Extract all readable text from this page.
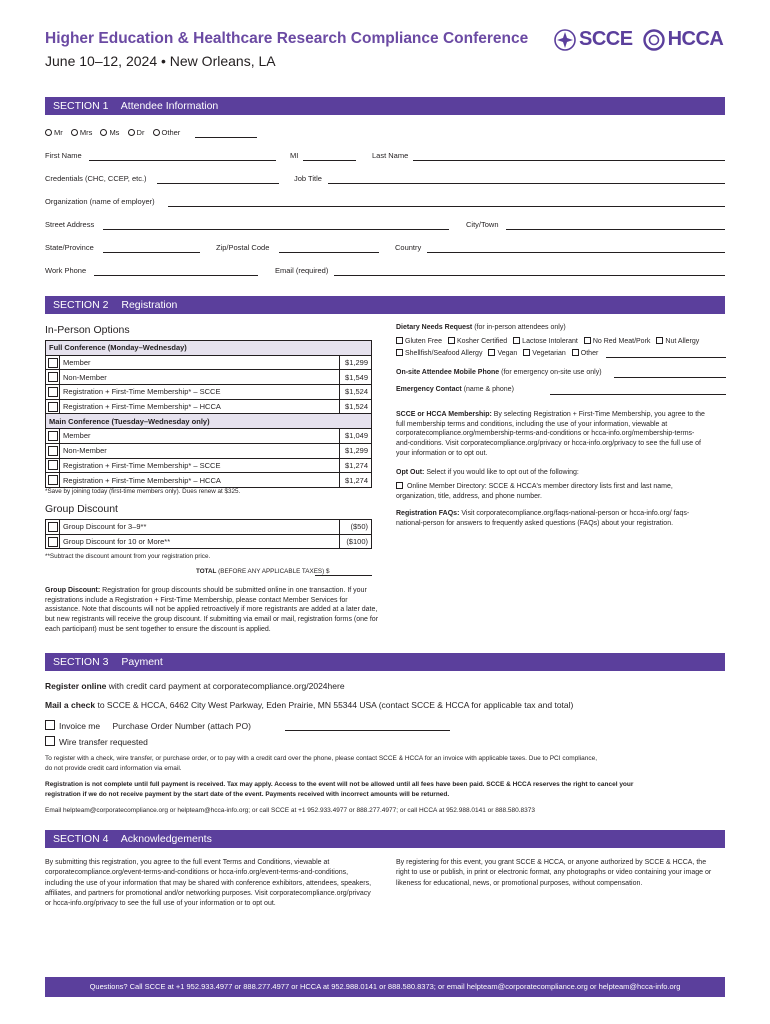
Higher Education & Healthcare Research Compliance Conference
June 10–12, 2024 • New Orleans, LA
SCCE HCCA
SECTION 1 Attendee Information
Mr Mrs Ms Dr Other
First Name	MI	Last Name
Credentials (CHC, CCEP, etc.)	Job Title
Organization (name of employer)
Street Address	City/Town
State/Province	Zip/Postal Code	Country
Work Phone	Email (required)
SECTION 2 Registration
In-Person Options
Full Conference (Monday–Wednesday)		

	Member	$1,299

	Non-Member	$1,549

	Registration + First-Time Membership* – SCCE	$1,524

	Registration + First-Time Membership* – HCCA	$1,524
Main Conference (Tuesday–Wednesday only)		

	Member	$1,049

	Non-Member	$1,299

	Registration + First-Time Membership* – SCCE	$1,274

	Registration + First-Time Membership* – HCCA	$1,274
*Save by joining today (first-time members only). Dues renew at $325.
Group Discount
	Group Discount for 3–9**	($50)

	Group Discount for 10 or More**	($100)
**Subtract the discount amount from your registration price.
TOTAL (BEFORE ANY APPLICABLE TAXES) $
Group Discount: Registration for group discounts should be submitted online in one transaction. If your registrations include a Registration + First-Time Membership, please contact Member Services for assistance. Note that discounts will not be applied retroactively if more registrants are added at a later date, but new registrants will receive the group discount. If submitting via email or mail, registration forms (one for each participant) must be sent together to ensure the discount is applied.
Dietary Needs Request (for in-person attendees only)
Gluten Free Kosher Certified Lactose Intolerant No Red Meat/Pork Nut Allergy
Shellfish/Seafood Allergy Vegan Vegetarian Other
On-site Attendee Mobile Phone (for emergency on-site use only)
Emergency Contact (name & phone)
SCCE or HCCA Membership: By selecting Registration + First-Time Membership, you agree to the full membership terms and conditions, including the use of your information, viewable at corporatecompliance.org/membership-terms-and-conditions or hcca-info.org/membership-terms-and-conditions. Visit corporatecompliance.org/privacy or hcca-info.org/privacy to see the full use of your information or to opt out.
Opt Out: Select if you would like to opt out of the following:
Online Member Directory: SCCE & HCCA's member directory lists first and last name, organization, title, address, and phone number.
Registration FAQs: Visit corporatecompliance.org/faqs-national-person or hcca-info.org/ faqs-national-person for answers to frequently asked questions (FAQs) about your registration.
SECTION 3 Payment
Register online with credit card payment at corporatecompliance.org/2024here
Mail a check to SCCE & HCCA, 6462 City West Parkway, Eden Prairie, MN 55344 USA (contact SCCE & HCCA for applicable tax and total)
Invoice me Purchase Order Number (attach PO)
Wire transfer requested
To register with a check, wire transfer, or purchase order, or to pay with a credit card over the phone, please contact SCCE & HCCA for an invoice with applicable taxes. Due to PCI compliance, do not provide credit card information via email.
Registration is not complete until full payment is received. Tax may apply. Access to the event will not be allowed until all fees have been paid. SCCE & HCCA reserves the right to cancel your registration if we do not receive payment by the start date of the event. Payments received with incorrect amounts will be returned.
Email helpteam@corporatecompliance.org or helpteam@hcca-info.org; or call SCCE at +1 952.933.4977 or 888.277.4977; or call HCCA at 952.988.0141 or 888.580.8373
SECTION 4 Acknowledgements
By submitting this registration, you agree to the full event Terms and Conditions, viewable at corporatecompliance.org/event-terms-and-conditions or hcca-info.org/event-terms-and-conditions, including the use of your information that may be shared with conference exhibitors, attendees, speakers, affiliates, and partners for promotional and/or networking purposes. Visit corporatecompliance.org/privacy or hcca-info.org/privacy to see the full use of your information or to opt out.
By registering for this event, you grant SCCE & HCCA, or anyone authorized by SCCE & HCCA, the right to use or publish, in print or electronic format, any photographs or video containing your image or likeness for educational, news, or promotional purposes, without compensation.
Questions? Call SCCE at +1 952.933.4977 or 888.277.4977 or HCCA at 952.988.0141 or 888.580.8373; or email helpteam@corporatecompliance.org or helpteam@hcca-info.org
